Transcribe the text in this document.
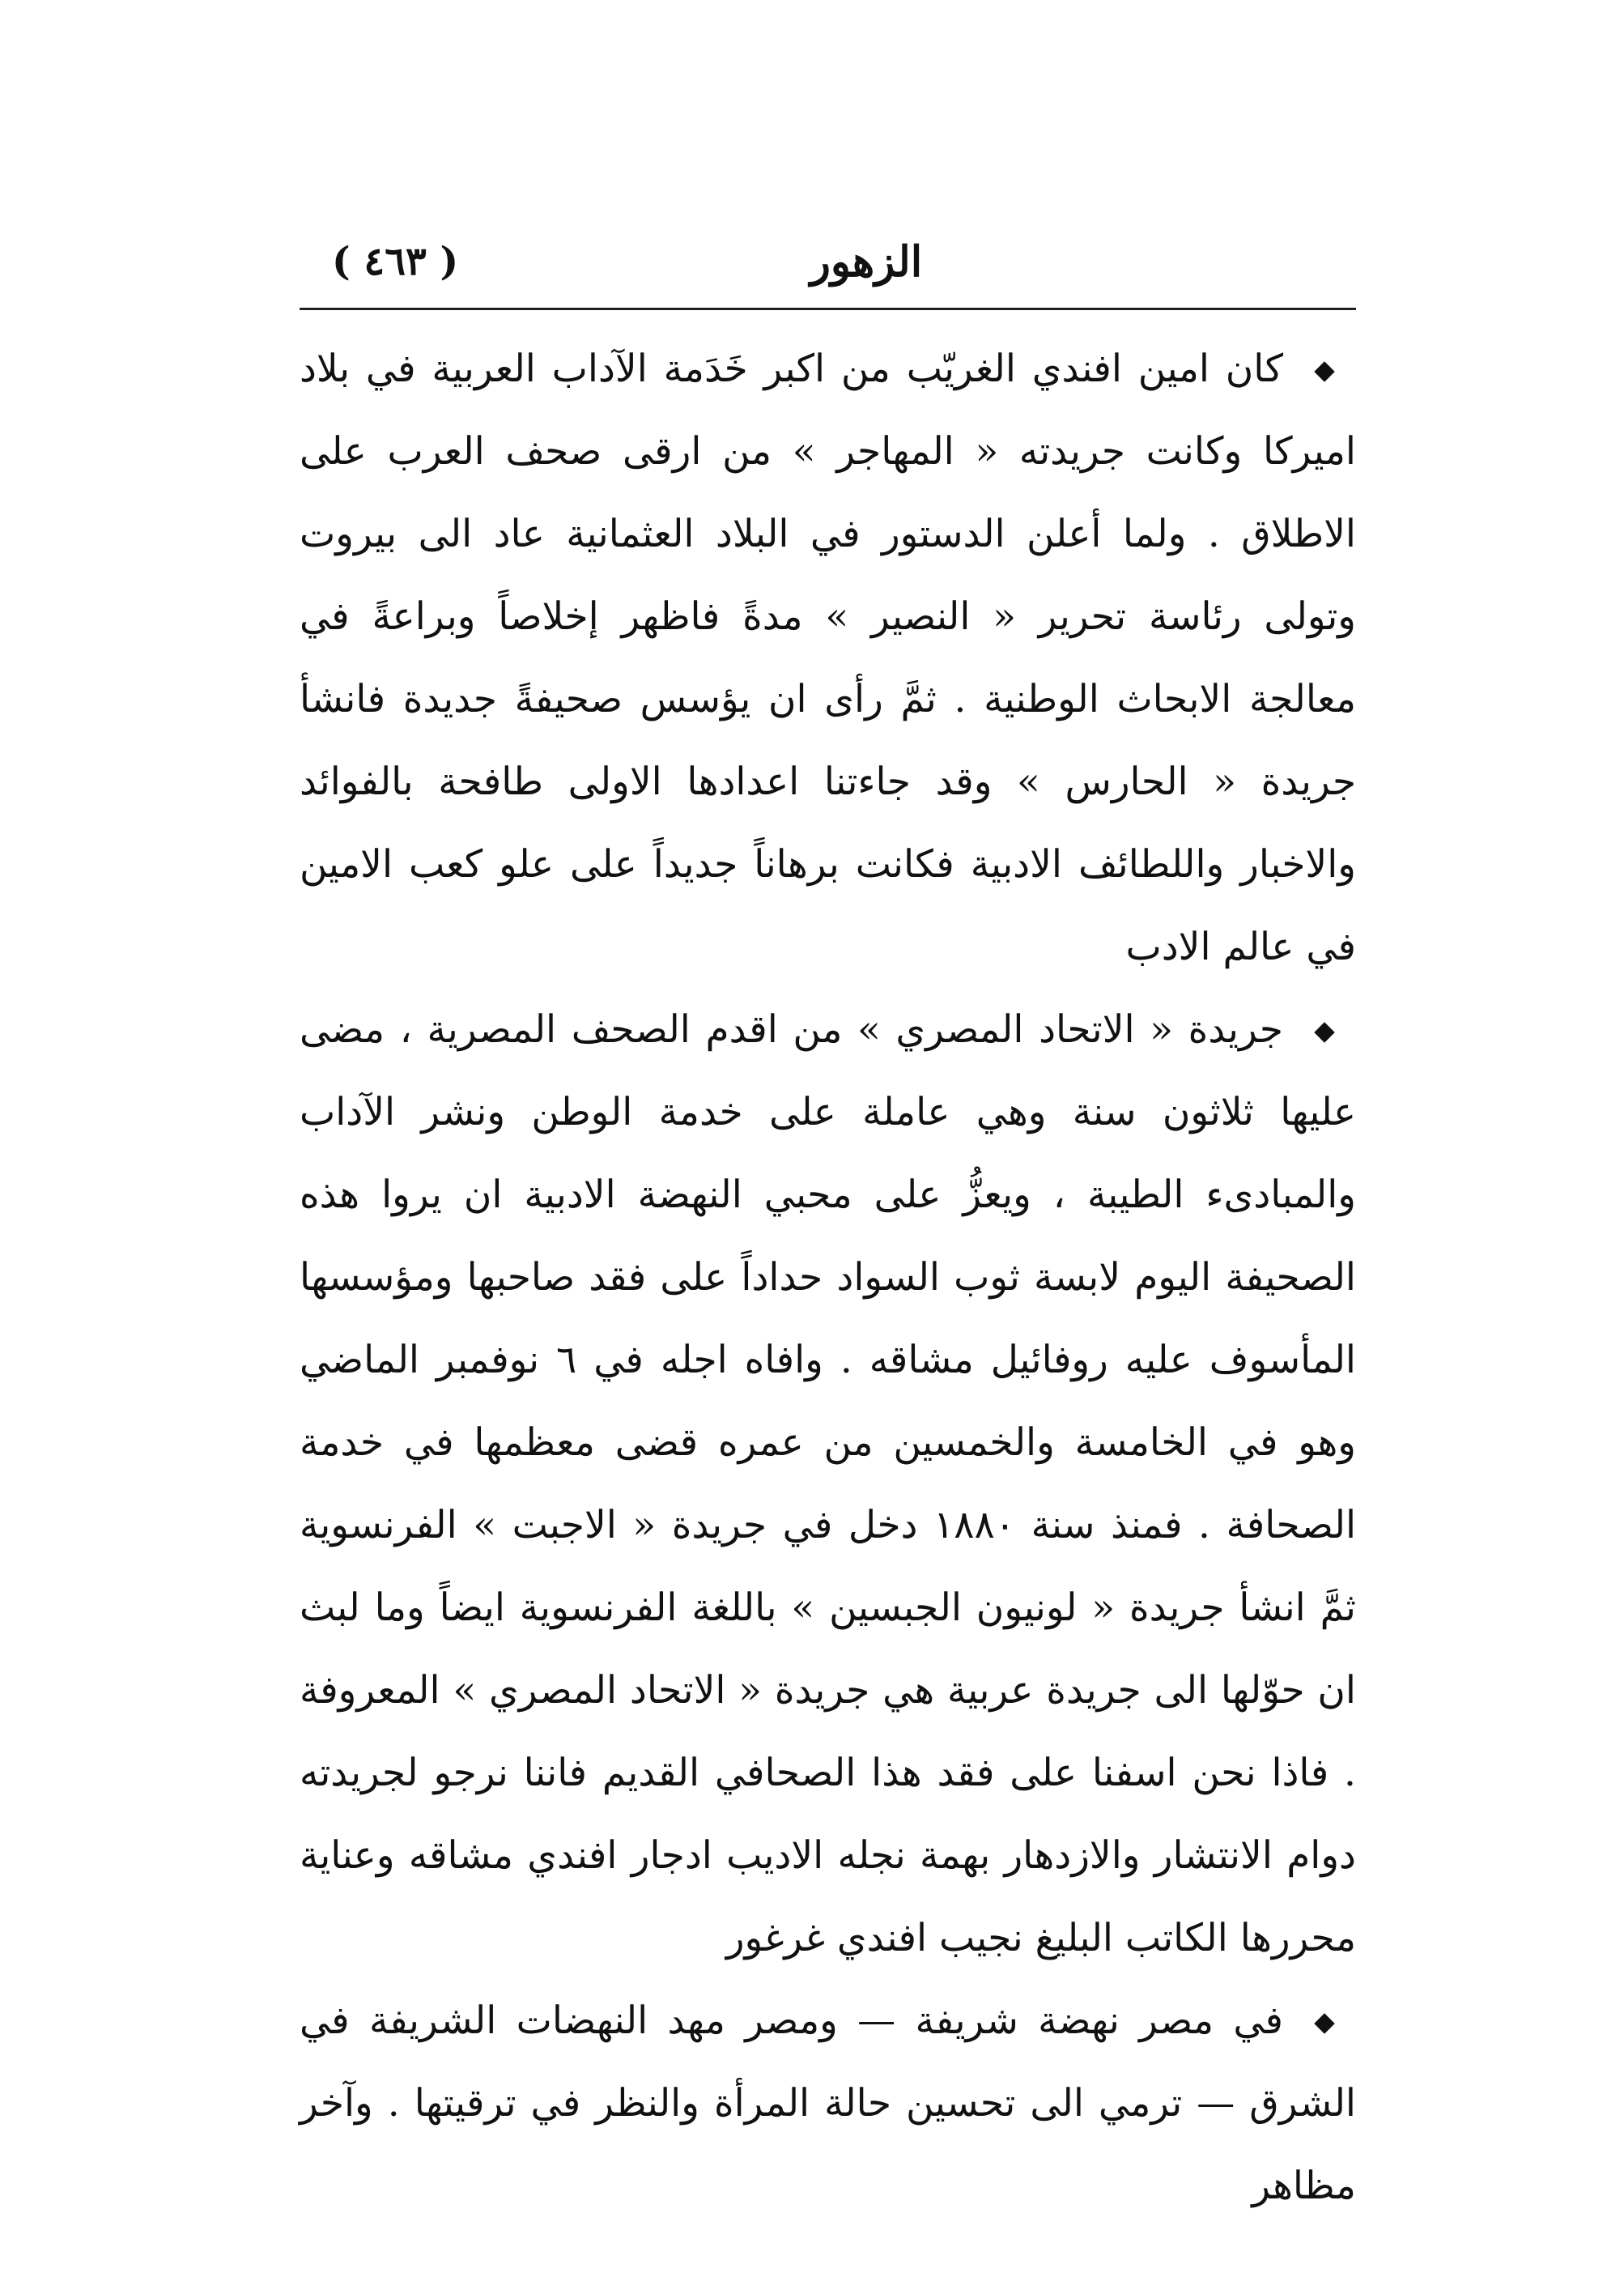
( ٤٦٣ )	الزهور

كان امين افندي الغريّب من اكبر خَدَمة الآداب العربية في بلاد اميركا وكانت جريدته « المهاجر » من ارقى صحف العرب على الاطلاق . ولما أعلن الدستور في البلاد العثمانية عاد الى بيروت وتولى رئاسة تحرير « النصير » مدةً فاظهر إخلاصاً وبراعةً في معالجة الابحاث الوطنية . ثمَّ رأى ان يؤسس صحيفةً جديدة فانشأ جريدة « الحارس » وقد جاءتنا اعدادها الاولى طافحة بالفوائد والاخبار واللطائف الادبية فكانت برهاناً جديداً على علو كعب الامين في عالم الادب

جريدة « الاتحاد المصري » من اقدم الصحف المصرية ، مضى عليها ثلاثون سنة وهي عاملة على خدمة الوطن ونشر الآداب والمبادىء الطيبة ، ويعزُّ على محبي النهضة الادبية ان يروا هذه الصحيفة اليوم لابسة ثوب السواد حداداً على فقد صاحبها ومؤسسها المأسوف عليه روفائيل مشاقه . وافاه اجله في ٦ نوفمبر الماضي وهو في الخامسة والخمسين من عمره قضى معظمها في خدمة الصحافة . فمنذ سنة ١٨٨٠ دخل في جريدة « الاجبت » الفرنسوية ثمَّ انشأ جريدة « لونيون الجبسين » باللغة الفرنسوية ايضاً وما لبث ان حوّلها الى جريدة عربية هي جريدة « الاتحاد المصري » المعروفة . فاذا نحن اسفنا على فقد هذا الصحافي القديم فاننا نرجو لجريدته دوام الانتشار والازدهار بهمة نجله الاديب ادجار افندي مشاقه وعناية محررها الكاتب البليغ نجيب افندي غرغور

في مصر نهضة شريفة — ومصر مهد النهضات الشريفة في الشرق — ترمي الى تحسين حالة المرأة والنظر في ترقيتها . وآخر مظاهر
